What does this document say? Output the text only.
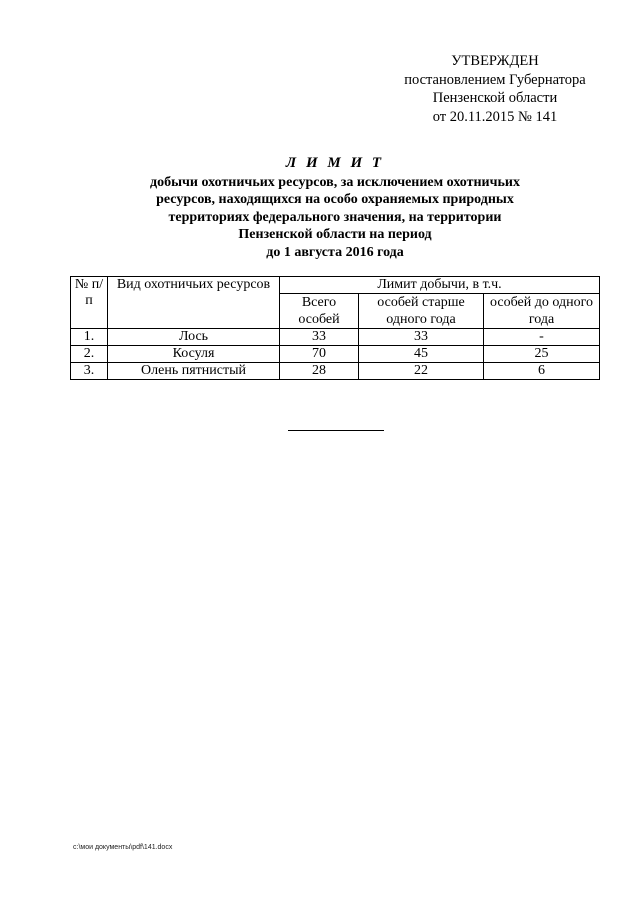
УТВЕРЖДЕН
постановлением Губернатора
Пензенской области
от 20.11.2015 № 141
Л И М И Т
добычи охотничьих ресурсов, за исключением охотничьих
ресурсов, находящихся на особо охраняемых природных
территориях федерального значения, на территории
Пензенской области на период
до 1 августа 2016 года
№ п/п	Вид охотничьих ресурсов	Лимит добычи, в т.ч.		
		Всего особей	особей старше одного года	особей до одного года
1.	Лось	33	33	-
2.	Косуля	70	45	25
3.	Олень пятнистый	28	22	6
c:\мои документы\pdf\141.docx
